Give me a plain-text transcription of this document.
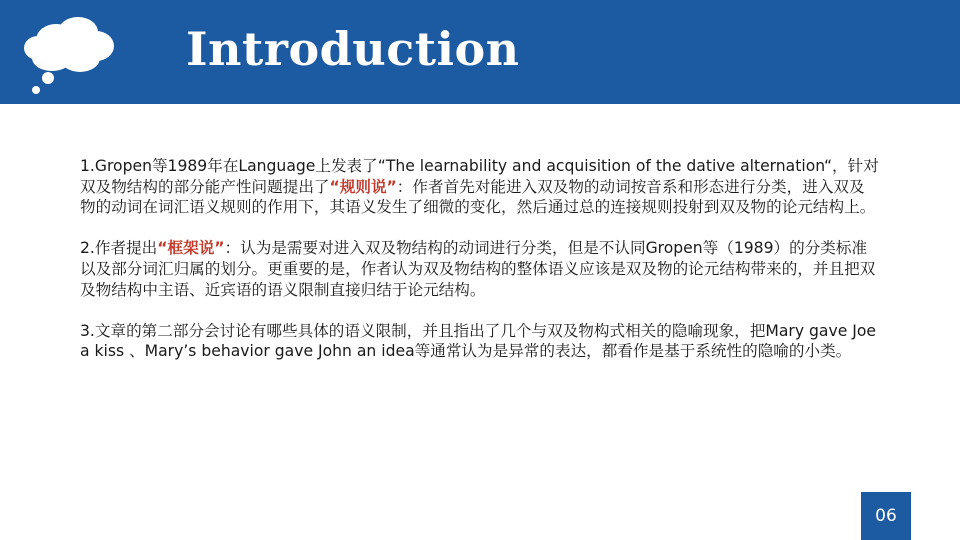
Introduction

1.Gropen等1989年在Language上发表了“The learnability and acquisition of the dative alternation“，针对双及物结构的部分能产性问题提出了“规则说”：作者首先对能进入双及物的动词按音系和形态进行分类，进入双及物的动词在词汇语义规则的作用下，其语义发生了细微的变化，然后通过总的连接规则投射到双及物的论元结构上。

2.作者提出“框架说”：认为是需要对进入双及物结构的动词进行分类，但是不认同Gropen等（1989）的分类标准以及部分词汇归属的划分。更重要的是，作者认为双及物结构的整体语义应该是双及物的论元结构带来的，并且把双及物结构中主语、近宾语的语义限制直接归结于论元结构。

3.文章的第二部分会讨论有哪些具体的语义限制，并且指出了几个与双及物构式相关的隐喻现象，把Mary gave Joe a kiss 、Mary’s behavior gave John an idea等通常认为是异常的表达，都看作是基于系统性的隐喻的小类。

06
